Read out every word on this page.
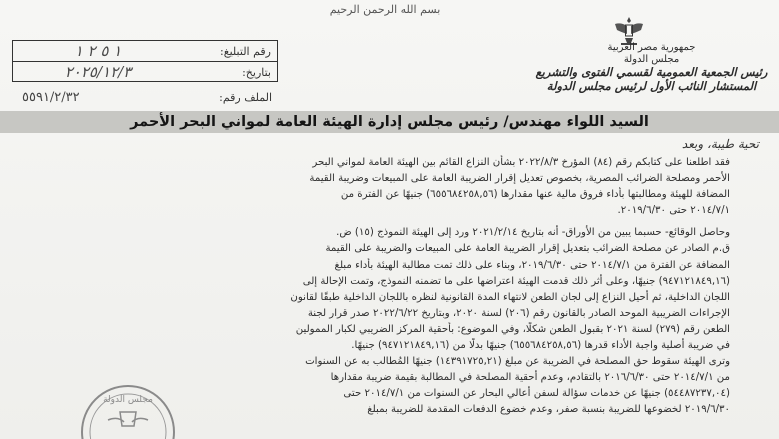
بسم الله الرحمن الرحيم
جمهورية مصر العربية
مجلس الدولة
رئيس الجمعية العمومية لقسمي الفتوى والتشريع
المستشار النائب الأول لرئيس مجلس الدولة
رقم التبليغ:
١ ٥ ٢ ١
بتاريخ:
٢٠٢٥/١٢/٣
الملف رقم:
٥٥٩١/٢/٣٢
السيد اللواء مهندس/ رئيس مجلس إدارة الهيئة العامة لمواني البحر الأحمر
تحية طيبة، وبعد

فقد اطلعنا على كتابكم رقم (٨٤) المؤرخ ٢٠٢٢/٨/٣ بشأن النزاع القائم بين الهيئة العامة لمواني البحر
الأحمر ومصلحة الضرائب المصرية، بخصوص تعديل إقرار الضريبة العامة على المبيعات وضريبة القيمة
المضافة للهيئة ومطالبتها بأداء فروق مالية عنها مقدارها (٦٥٥٦٨٤٢٥٨,٥٦) جنيهًا عن الفترة من
٢٠١٤/٧/١ حتى ٢٠١٩/٦/٣٠.

وحاصل الوقائع- حسبما يبين من الأوراق- أنه بتاريخ ٢٠٢١/٢/١٤ ورد إلى الهيئة النموذج (١٥) ض.
ق.م الصادر عن مصلحة الضرائب بتعديل إقرار الضريبة العامة على المبيعات والضريبة على القيمة
المضافة عن الفترة من ٢٠١٤/٧/١ حتى ٢٠١٩/٦/٣٠، وبناء على ذلك تمت مطالبة الهيئة بأداء مبلغ
(٩٤٧١٢١٨٤٩,١٦) جنيهًا، وعلى أثر ذلك قدمت الهيئة اعتراضها على ما تضمنه النموذج، وتمت الإحالة إلى
اللجان الداخلية، ثم أحيل النزاع إلى لجان الطعن لانتهاء المدة القانونية لنظره باللجان الداخلية طبقًا لقانون
الإجراءات الضريبية الموحد الصادر بالقانون رقم (٢٠٦) لسنة ٢٠٢٠، وبتاريخ ٢٠٢٢/٦/٢٢ صدر قرار لجنة
الطعن رقم (٢٧٩) لسنة ٢٠٢١ بقبول الطعن شكلًا، وفي الموضوع: بأحقية المركز الضريبي لكبار الممولين
في ضريبة أصلية واجبة الأداء قدرها (٦٥٥٦٨٤٢٥٨,٥٦) جنيهًا بدلًا من (٩٤٧١٢١٨٤٩,١٦) جنيهًا.
وترى الهيئة سقوط حق المصلحة في الضريبة عن مبلغ (١٤٣٩١٧٢٥,٢١) جنيهًا المُطالب به عن السنوات
من ٢٠١٤/٧/١ حتى ٢٠١٦/٦/٣٠ بالتقادم، وعدم أحقية المصلحة في المطالبة بقيمة ضريبة مقدارها
(٥٤٤٨٧٢٣٧,٠٤) جنيهًا عن خدمات سؤالة لسفن أعالي البحار عن السنوات من ٢٠١٤/٧/١ حتى
٢٠١٩/٦/٣٠ لخضوعها للضريبة بنسبة صفر، وعدم خضوع الدفعات المقدمة للضريبة بمبلغ

مجلس الدولة
